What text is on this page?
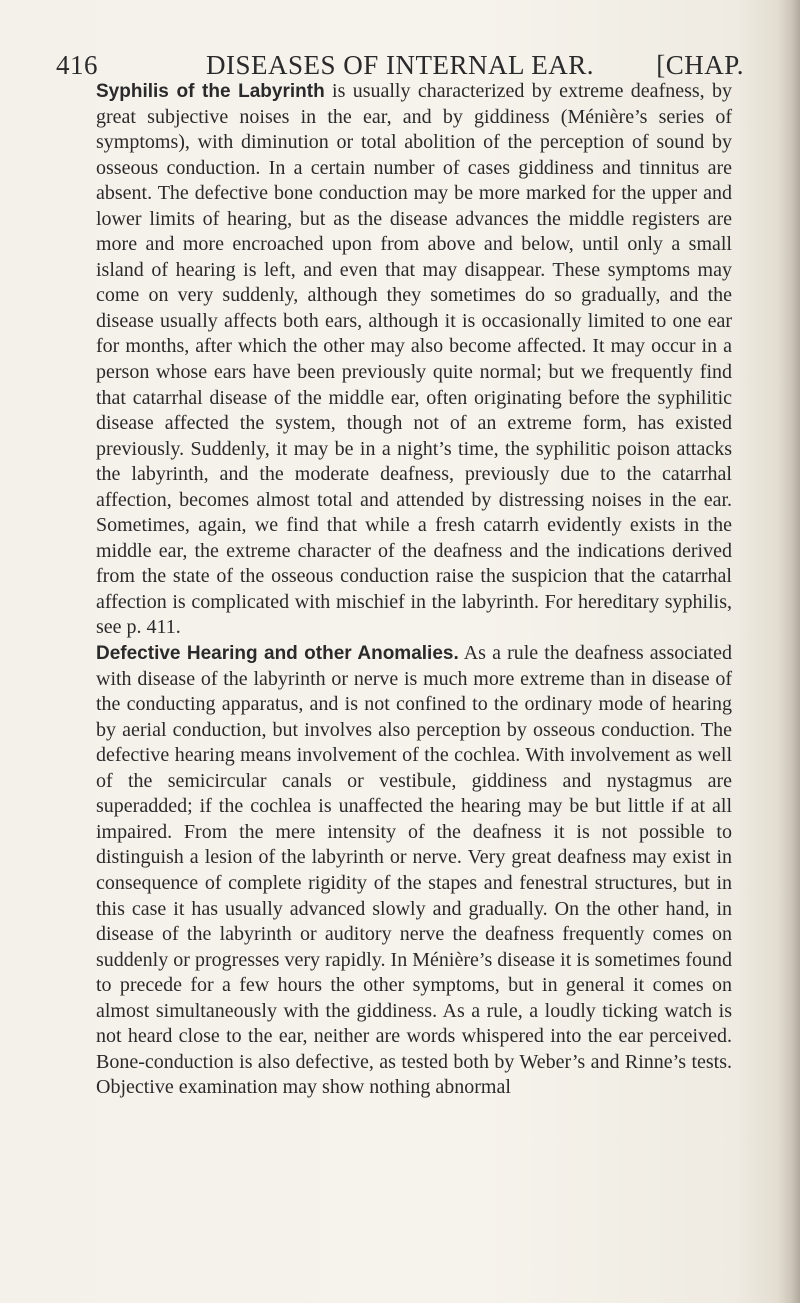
416	DISEASES OF INTERNAL EAR.	[CHAP.

Syphilis of the Labyrinth is usually characterized by extreme deafness, by great subjective noises in the ear, and by giddiness (Ménière’s series of symptoms), with diminution or total abolition of the perception of sound by osseous conduction. In a certain number of cases giddiness and tinnitus are absent. The defective bone conduction may be more marked for the upper and lower limits of hearing, but as the disease advances the middle registers are more and more encroached upon from above and below, until only a small island of hearing is left, and even that may disappear. These symptoms may come on very suddenly, although they sometimes do so gradually, and the disease usually affects both ears, although it is occasionally limited to one ear for months, after which the other may also become affected. It may occur in a person whose ears have been previously quite normal; but we frequently find that catarrhal disease of the middle ear, often originating before the syphilitic disease affected the system, though not of an extreme form, has existed previously. Suddenly, it may be in a night’s time, the syphilitic poison attacks the labyrinth, and the moderate deafness, previously due to the catarrhal affection, becomes almost total and attended by distressing noises in the ear. Sometimes, again, we find that while a fresh catarrh evidently exists in the middle ear, the extreme character of the deafness and the indications derived from the state of the osseous conduction raise the suspicion that the catarrhal affection is complicated with mischief in the labyrinth. For hereditary syphilis, see p. 411.

Defective Hearing and other Anomalies. As a rule the deafness associated with disease of the labyrinth or nerve is much more extreme than in disease of the conducting apparatus, and is not confined to the ordinary mode of hearing by aerial conduction, but involves also perception by osseous conduction. The defective hearing means involvement of the cochlea. With involvement as well of the semicircular canals or vestibule, giddiness and nystagmus are superadded; if the cochlea is unaffected the hearing may be but little if at all impaired. From the mere intensity of the deafness it is not possible to distinguish a lesion of the labyrinth or nerve. Very great deafness may exist in consequence of complete rigidity of the stapes and fenestral structures, but in this case it has usually advanced slowly and gradually. On the other hand, in disease of the labyrinth or auditory nerve the deafness frequently comes on suddenly or progresses very rapidly. In Ménière’s disease it is sometimes found to precede for a few hours the other symptoms, but in general it comes on almost simultaneously with the giddiness. As a rule, a loudly ticking watch is not heard close to the ear, neither are words whispered into the ear perceived. Bone-conduction is also defective, as tested both by Weber’s and Rinne’s tests. Objective examination may show nothing abnormal
